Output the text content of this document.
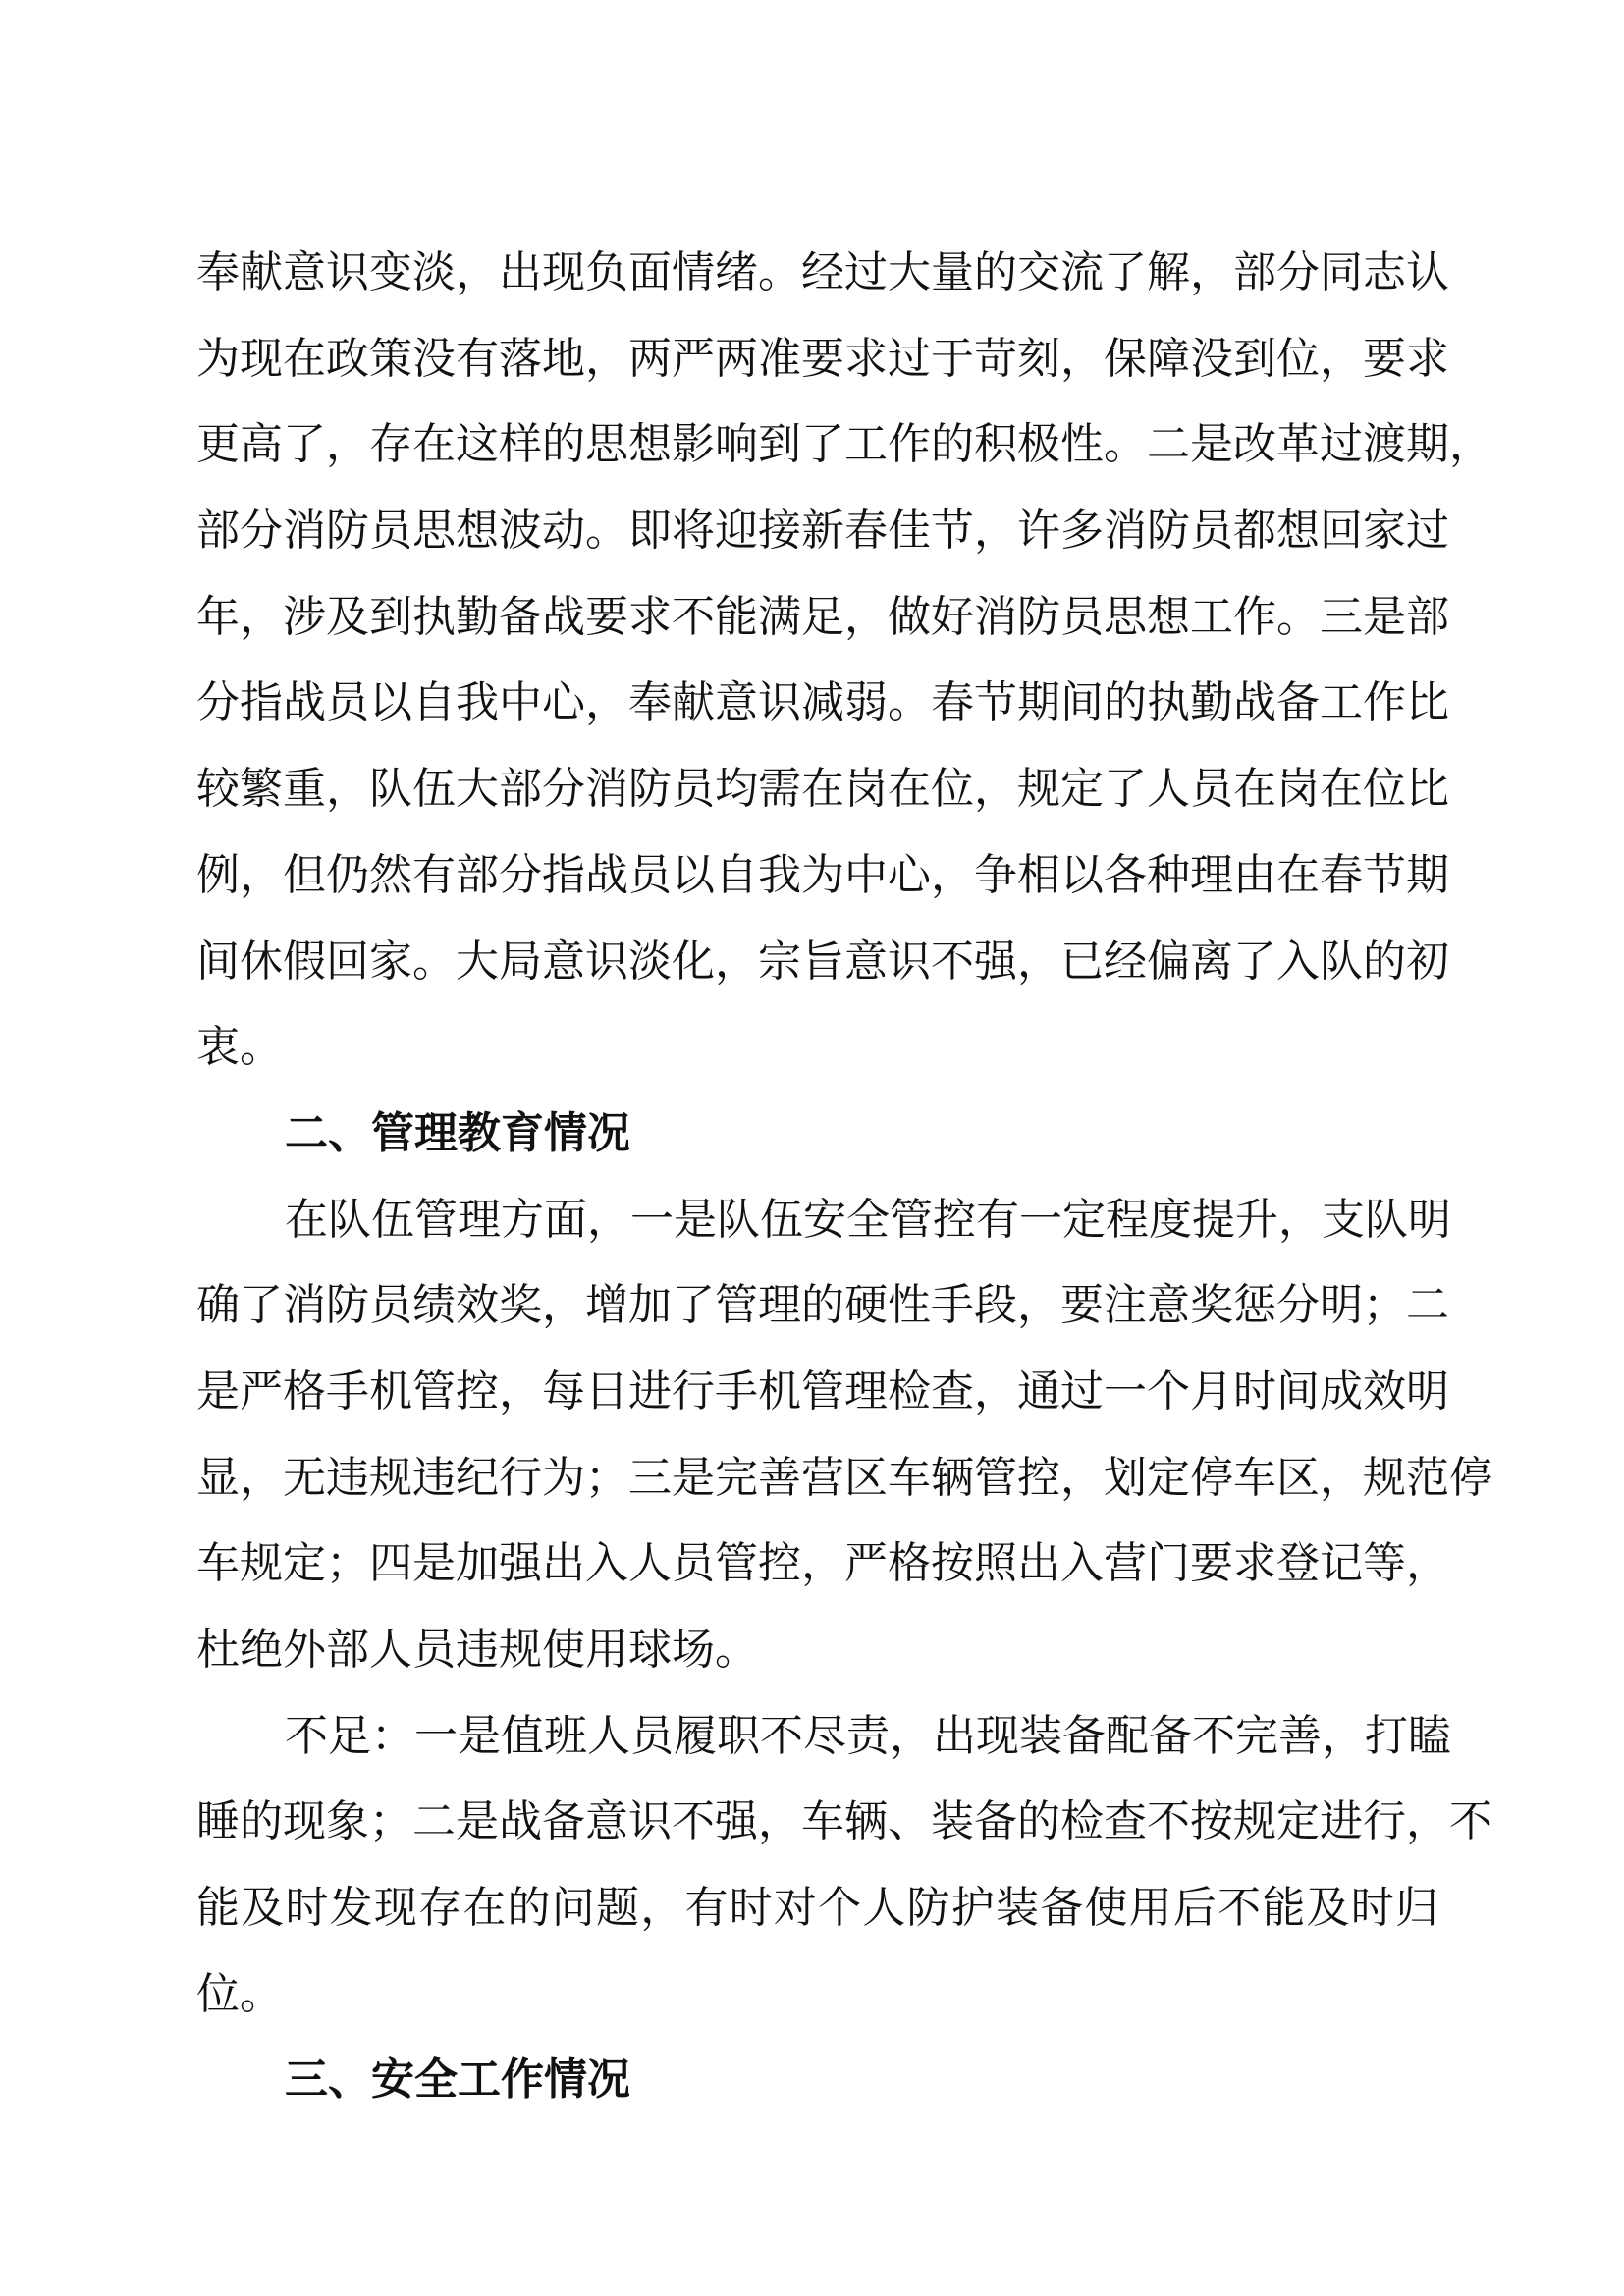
奉献意识变淡，出现负面情绪。经过大量的交流了解，部分同志认
为现在政策没有落地，两严两准要求过于苛刻，保障没到位，要求
更高了，存在这样的思想影响到了工作的积极性。二是改革过渡期，
部分消防员思想波动。即将迎接新春佳节，许多消防员都想回家过
年，涉及到执勤备战要求不能满足，做好消防员思想工作。三是部
分指战员以自我中心，奉献意识减弱。春节期间的执勤战备工作比
较繁重，队伍大部分消防员均需在岗在位，规定了人员在岗在位比
例，但仍然有部分指战员以自我为中心，争相以各种理由在春节期
间休假回家。大局意识淡化，宗旨意识不强，已经偏离了入队的初
衷。
二、管理教育情况
在队伍管理方面，一是队伍安全管控有一定程度提升，支队明
确了消防员绩效奖，增加了管理的硬性手段，要注意奖惩分明；二
是严格手机管控，每日进行手机管理检查，通过一个月时间成效明
显，无违规违纪行为；三是完善营区车辆管控，划定停车区，规范停
车规定；四是加强出入人员管控，严格按照出入营门要求登记等，
杜绝外部人员违规使用球场。
不足：一是值班人员履职不尽责，出现装备配备不完善，打瞌
睡的现象；二是战备意识不强，车辆、装备的检查不按规定进行，不
能及时发现存在的问题，有时对个人防护装备使用后不能及时归
位。
三、安全工作情况
